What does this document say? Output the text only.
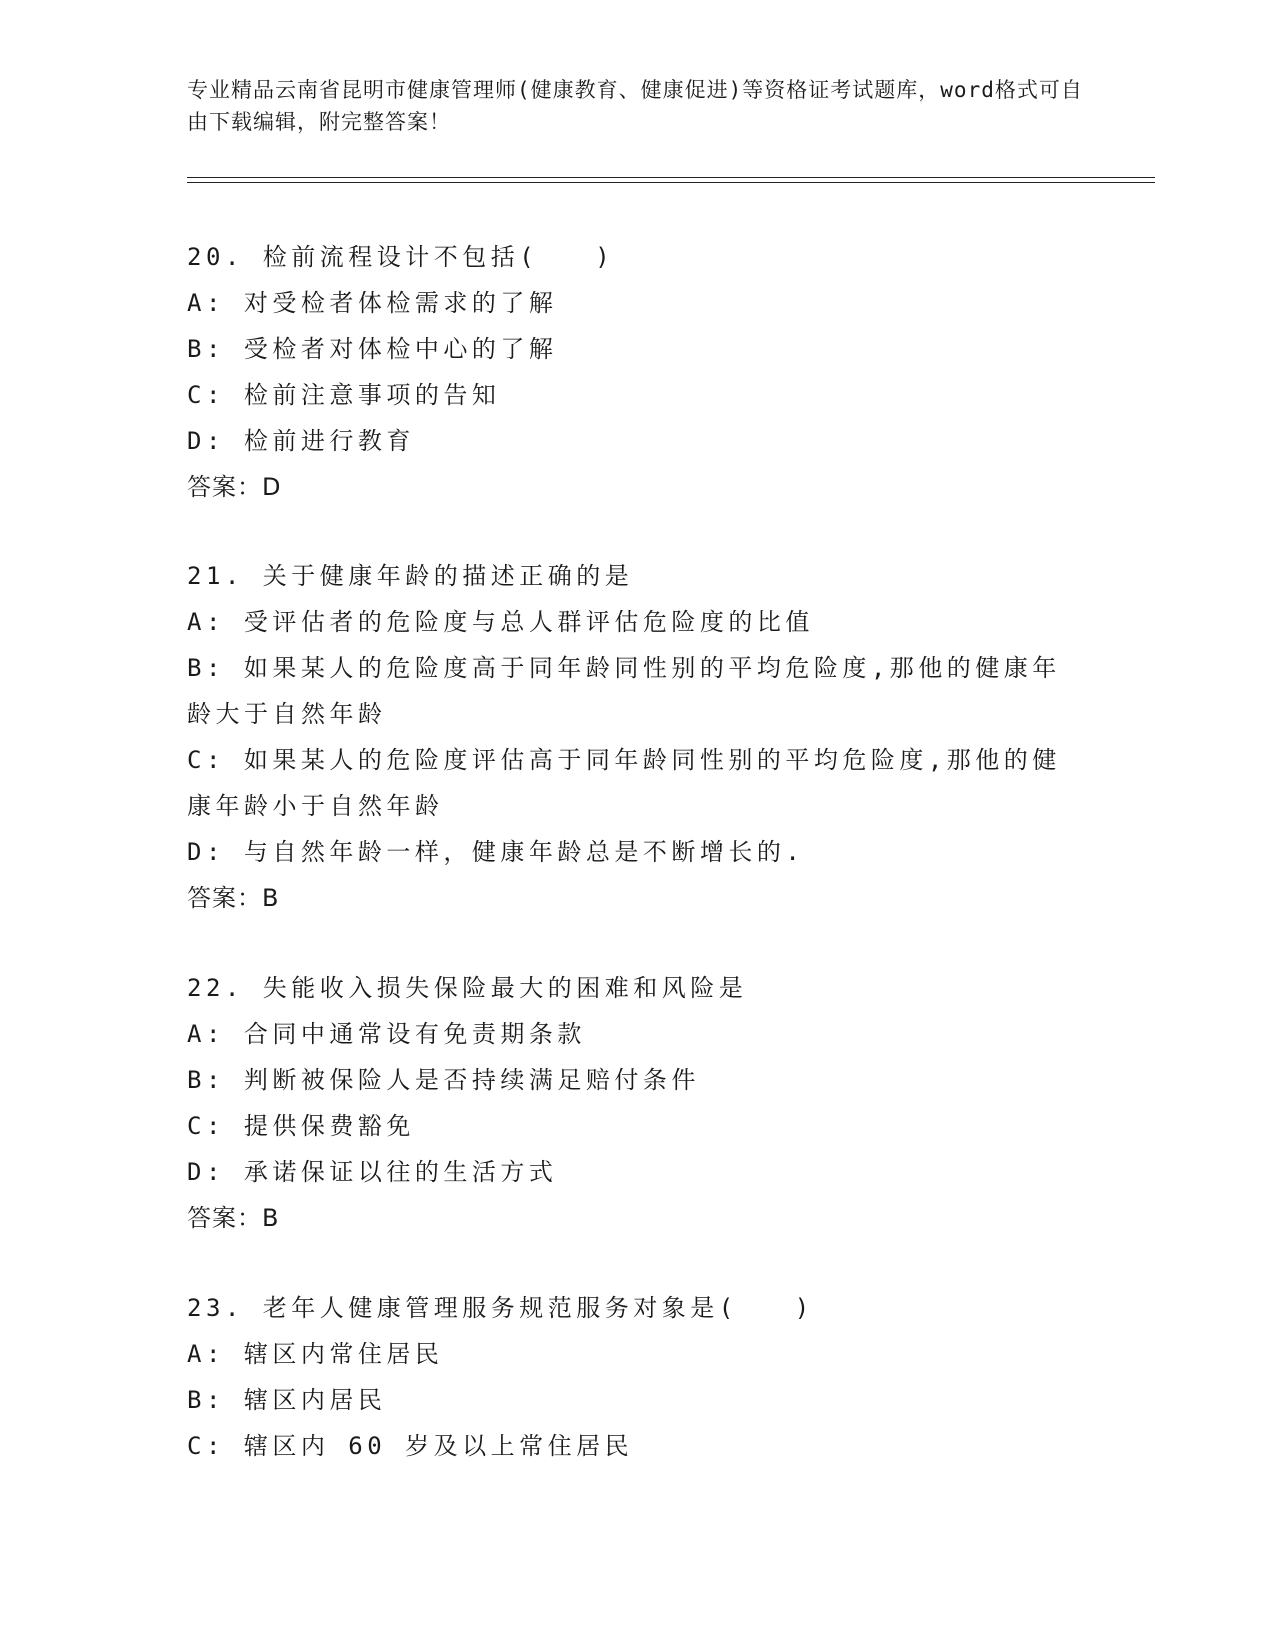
专业精品云南省昆明市健康管理师(健康教育、健康促进)等资格证考试题库，word格式可自由下载编辑，附完整答案！
20. 检前流程设计不包括(　　)
A: 对受检者体检需求的了解
B: 受检者对体检中心的了解
C: 检前注意事项的告知
D: 检前进行教育
答案：D
21. 关于健康年龄的描述正确的是
A: 受评估者的危险度与总人群评估危险度的比值
B: 如果某人的危险度高于同年龄同性别的平均危险度,那他的健康年龄大于自然年龄
C: 如果某人的危险度评估高于同年龄同性别的平均危险度,那他的健康年龄小于自然年龄
D: 与自然年龄一样，健康年龄总是不断增长的.
答案：B
22. 失能收入损失保险最大的困难和风险是
A: 合同中通常设有免责期条款
B: 判断被保险人是否持续满足赔付条件
C: 提供保费豁免
D: 承诺保证以往的生活方式
答案：B
23. 老年人健康管理服务规范服务对象是(　　)
A: 辖区内常住居民
B: 辖区内居民
C: 辖区内 60 岁及以上常住居民
